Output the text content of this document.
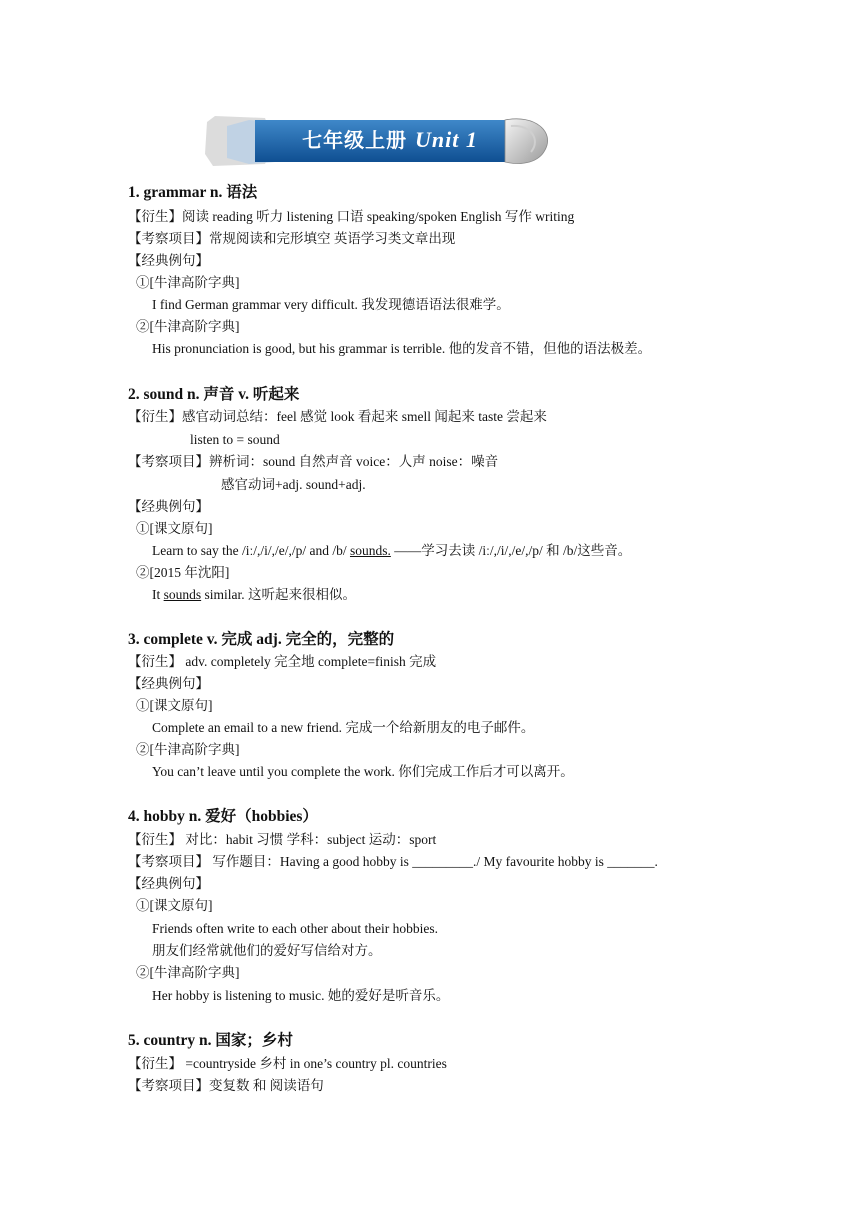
七年级上册 Unit 1
1. grammar n. 语法
【衍生】阅读 reading 听力 listening 口语 speaking/spoken English 写作 writing
【考察项目】常规阅读和完形填空 英语学习类文章出现
【经典例句】
①[牛津高阶字典]
I find German grammar very difficult. 我发现德语语法很难学。
②[牛津高阶字典]
His pronunciation is good, but his grammar is terrible. 他的发音不错，但他的语法极差。
2. sound n. 声音 v. 听起来
【衍生】感官动词总结：feel 感觉 look 看起来 smell 闻起来 taste 尝起来
listen to = sound
【考察项目】辨析词：sound 自然声音 voice：人声 noise：噪音
感官动词+adj. sound+adj.
【经典例句】
①[课文原句]
Learn to say the /iː/,/i/,/e/,/p/ and /b/ sounds. ——学习去读 /iː/,/i/,/e/,/p/ 和 /b/这些音。
②[2015 年沈阳]
It sounds similar. 这听起来很相似。
3. complete v. 完成 adj. 完全的，完整的
【衍生】 adv. completely 完全地 complete=finish 完成
【经典例句】
①[课文原句]
Complete an email to a new friend. 完成一个给新朋友的电子邮件。
②[牛津高阶字典]
You can’t leave until you complete the work. 你们完成工作后才可以离开。
4. hobby n. 爱好（hobbies）
【衍生】 对比：habit 习惯 学科：subject 运动：sport
【考察项目】 写作题目：Having a good hobby is _________./ My favourite hobby is _______.
【经典例句】
①[课文原句]
Friends often write to each other about their hobbies.
朋友们经常就他们的爱好写信给对方。
②[牛津高阶字典]
Her hobby is listening to music. 她的爱好是听音乐。
5. country n. 国家；乡村
【衍生】 =countryside 乡村 in one’s country pl. countries
【考察项目】变复数 和 阅读语句
